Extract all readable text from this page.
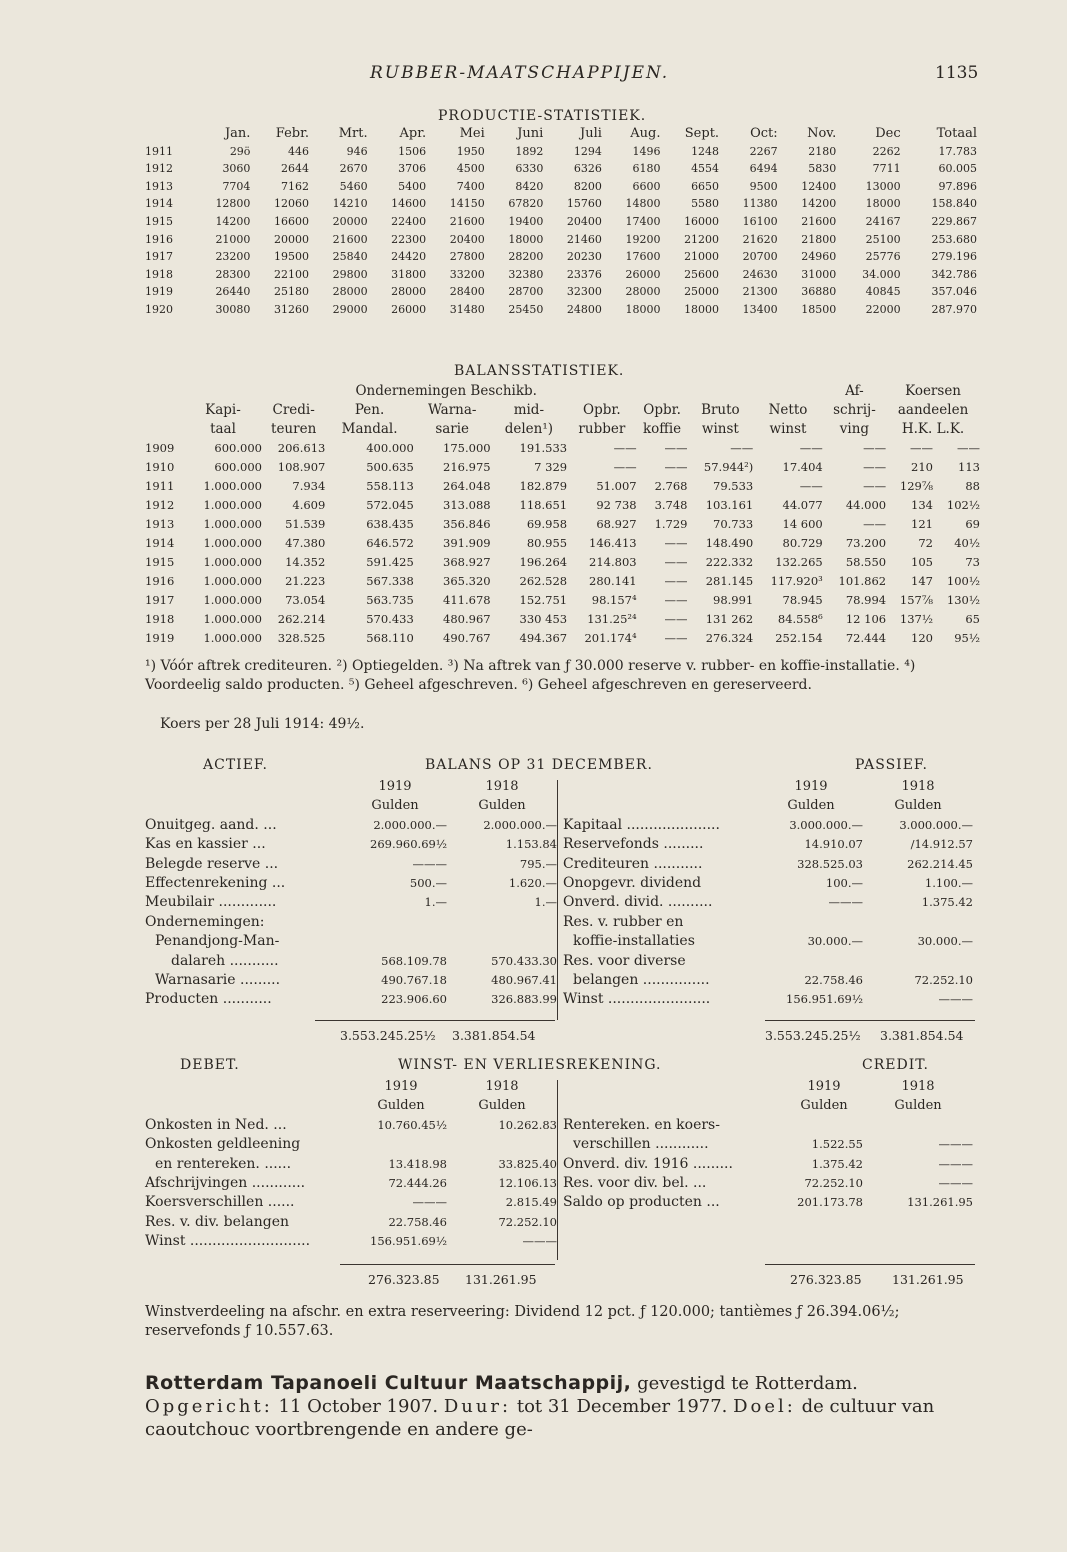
RUBBER-MAATSCHAPPIJEN.	1135
PRODUCTIE-STATISTIEK.
	Jan.	Febr.	Mrt.	Apr.	Mei	Juni	Juli	Aug.	Sept.	Oct:	Nov.	Dec	Totaal
1911	29ö	446	946	1506	1950	1892	1294	1496	1248	2267	2180	2262	17.783
1912	3060	2644	2670	3706	4500	6330	6326	6180	4554	6494	5830	7711	60.005
1913	7704	7162	5460	5400	7400	8420	8200	6600	6650	9500	12400	13000	97.896
1914	12800	12060	14210	14600	14150	67820	15760	14800	5580	11380	14200	18000	158.840
1915	14200	16600	20000	22400	21600	19400	20400	17400	16000	16100	21600	24167	229.867
1916	21000	20000	21600	22300	20400	18000	21460	19200	21200	21620	21800	25100	253.680
1917	23200	19500	25840	24420	27800	28200	20230	17600	21000	20700	24960	25776	279.196
1918	28300	22100	29800	31800	33200	32380	23376	26000	25600	24630	31000	34.000	342.786
1919	26440	25180	28000	28000	28400	28700	32300	28000	25000	21300	36880	40845	357.046
1920	30080	31260	29000	26000	31480	25450	24800	18000	18000	13400	18500	22000	287.970
BALANSSTATISTIEK.
			Ondernemingen Beschikb.							Af-	Koersen	
	Kapi-	Credi-	Pen.	Warna-	mid-	Opbr.	Opbr.	Bruto	Netto	schrij-	aandeelen	
	taal	teuren	Mandal.	sarie	delen¹)	rubber	koffie	winst	winst	ving	H.K. L.K.	
1909	600.000	206.613	400.000	175.000	191.533	——	——	——	——	——	——	——
1910	600.000	108.907	500.635	216.975	7 329	——	——	57.944²)	17.404	——	210	113
1911	1.000.000	7.934	558.113	264.048	182.879	51.007	2.768	79.533	——	——	129⅞	88
1912	1.000.000	4.609	572.045	313.088	118.651	92 738	3.748	103.161	44.077	44.000	134	102½
1913	1.000.000	51.539	638.435	356.846	69.958	68.927	1.729	70.733	14 600	——	121	69
1914	1.000.000	47.380	646.572	391.909	80.955	146.413	——	148.490	80.729	73.200	72	40½
1915	1.000.000	14.352	591.425	368.927	196.264	214.803	——	222.332	132.265	58.550	105	73
1916	1.000.000	21.223	567.338	365.320	262.528	280.141	——	281.145	117.920³	101.862	147	100½
1917	1.000.000	73.054	563.735	411.678	152.751	98.157⁴	——	98.991	78.945	78.994	157⅞	130½
1918	1.000.000	262.214	570.433	480.967	330 453	131.25²⁴	——	131 262	84.558⁶	12 106	137½	65
1919	1.000.000	328.525	568.110	490.767	494.367	201.174⁴	——	276.324	252.154	72.444	120	95½
¹) Vóór aftrek crediteuren. ²) Optiegelden. ³) Na aftrek van ƒ 30.000 reserve v. rubber- en koffie-installatie. ⁴) Voordeelig saldo producten. ⁵) Geheel afgeschreven. ⁶) Geheel afgeschreven en gereserveerd.
Koers per 28 Juli 1914: 49½.
ACTIEF.	BALANS OP 31 DECEMBER.	PASSIEF.
	1919	1918
	Gulden	Gulden
Onuitgeg. aand. ...	2.000.000.—	2.000.000.—
Kas en kassier ...	269.960.69½	1.153.84
Belegde reserve ...	———	795.—
Effectenrekening ...	500.—	1.620.—
Meubilair .............	1.—	1.—
Ondernemingen:		
Penandjong-Man-		
dalareh ...........	568.109.78	570.433.30
Warnasarie .........	490.767.18	480.967.41
Producten ...........	223.906.60	326.883.99
	1919	1918
	Gulden	Gulden
Kapitaal .....................	3.000.000.—	3.000.000.—
Reservefonds .........	14.910.07	/14.912.57
Crediteuren ...........	328.525.03	262.214.45
Onopgevr. dividend	100.—	1.100.—
Onverd. divid. ..........	———	1.375.42
Res. v. rubber en		
koffie-installaties	30.000.—	30.000.—
Res. voor diverse		
belangen ...............	22.758.46	72.252.10
Winst .......................	156.951.69½	———
3.553.245.25½ 3.381.854.54	3.553.245.25½ 3.381.854.54
DEBET.	WINST- EN VERLIESREKENING.	CREDIT.
	1919	1918
	Gulden	Gulden
Onkosten in Ned. ...	10.760.45½	10.262.83
Onkosten geldleening		
en rentereken. ......	13.418.98	33.825.40
Afschrijvingen ............	72.444.26	12.106.13
Koersverschillen ......	———	2.815.49
Res. v. div. belangen	22.758.46	72.252.10
Winst ...........................	156.951.69½	———
	1919	1918
	Gulden	Gulden
Rentereken. en koers-		
verschillen ............	1.522.55	———
Onverd. div. 1916 .........	1.375.42	———
Res. voor div. bel. ...	72.252.10	———
Saldo op producten ...	201.173.78	131.261.95
276.323.85 131.261.95	276.323.85 131.261.95
Winstverdeeling na afschr. en extra reserveering: Dividend 12 pct. ƒ 120.000; tantièmes ƒ 26.394.06½; reservefonds ƒ 10.557.63.
Rotterdam Tapanoeli Cultuur Maatschappij, gevestigd te Rotterdam. Opgericht: 11 October 1907. Duur: tot 31 December 1977. Doel: de cultuur van caoutchouc voortbrengende en andere ge-
